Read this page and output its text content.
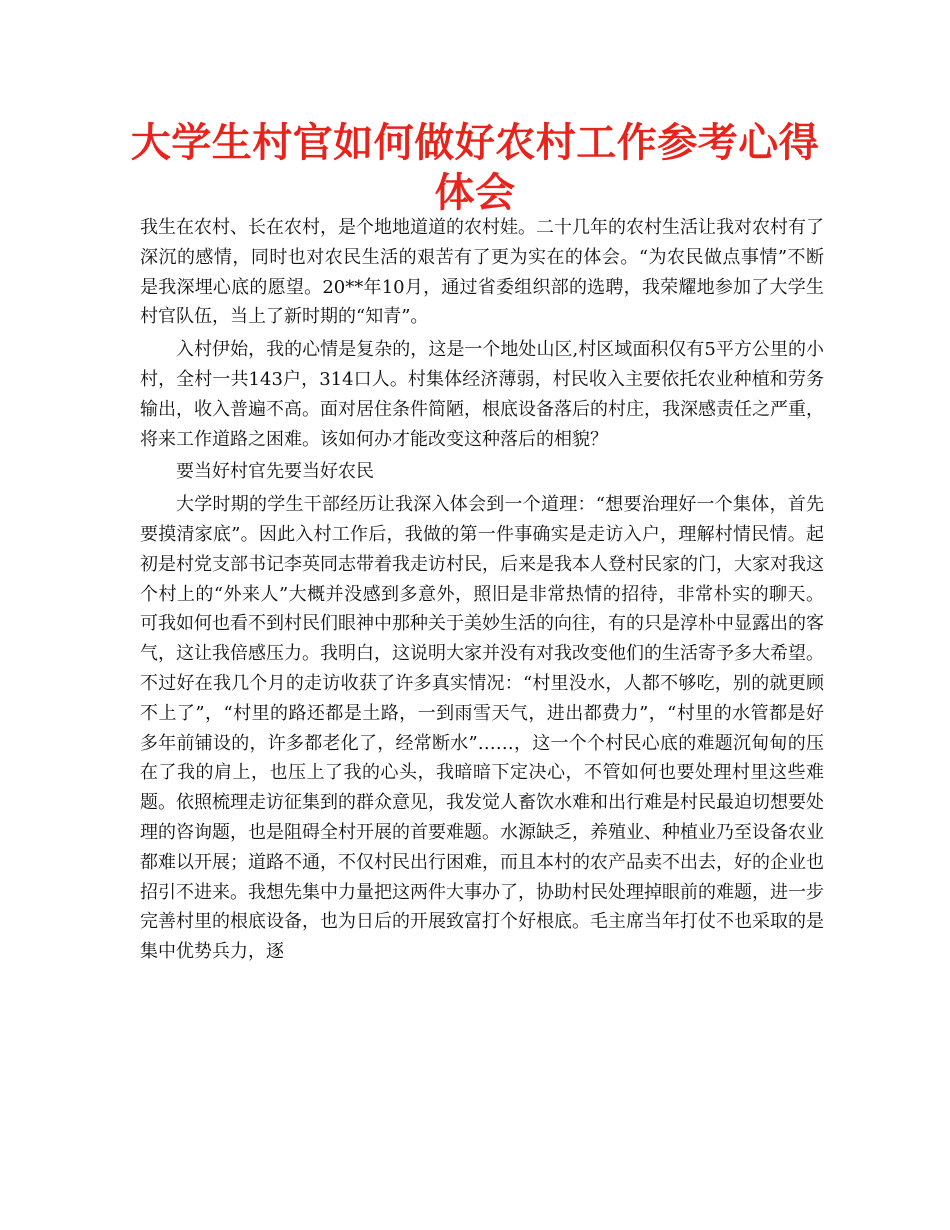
大学生村官如何做好农村工作参考心得体会

我生在农村、长在农村，是个地地道道的农村娃。二十几年的农村生活让我对农村有了深沉的感情，同时也对农民生活的艰苦有了更为实在的体会。“为农民做点事情”不断是我深埋心底的愿望。20**年10月，通过省委组织部的选聘，我荣耀地参加了大学生村官队伍，当上了新时期的“知青”。

入村伊始，我的心情是复杂的，这是一个地处山区,村区域面积仅有5平方公里的小村，全村一共143户，314口人。村集体经济薄弱，村民收入主要依托农业种植和劳务输出，收入普遍不高。面对居住条件简陋，根底设备落后的村庄，我深感责任之严重，将来工作道路之困难。该如何办才能改变这种落后的相貌？

要当好村官先要当好农民

大学时期的学生干部经历让我深入体会到一个道理：“想要治理好一个集体，首先要摸清家底”。因此入村工作后，我做的第一件事确实是走访入户，理解村情民情。起初是村党支部书记李英同志带着我走访村民，后来是我本人登村民家的门，大家对我这个村上的“外来人”大概并没感到多意外，照旧是非常热情的招待，非常朴实的聊天。可我如何也看不到村民们眼神中那种关于美妙生活的向往，有的只是淳朴中显露出的客气，这让我倍感压力。我明白，这说明大家并没有对我改变他们的生活寄予多大希望。不过好在我几个月的走访收获了许多真实情况：“村里没水，人都不够吃，别的就更顾不上了”，“村里的路还都是土路，一到雨雪天气，进出都费力”，“村里的水管都是好多年前铺设的，许多都老化了，经常断水”……，这一个个村民心底的难题沉甸甸的压在了我的肩上，也压上了我的心头，我暗暗下定决心，不管如何也要处理村里这些难题。依照梳理走访征集到的群众意见，我发觉人畜饮水难和出行难是村民最迫切想要处理的咨询题，也是阻碍全村开展的首要难题。水源缺乏，养殖业、种植业乃至设备农业都难以开展；道路不通，不仅村民出行困难，而且本村的农产品卖不出去，好的企业也招引不进来。我想先集中力量把这两件大事办了，协助村民处理掉眼前的难题，进一步完善村里的根底设备，也为日后的开展致富打个好根底。毛主席当年打仗不也采取的是集中优势兵力，逐
